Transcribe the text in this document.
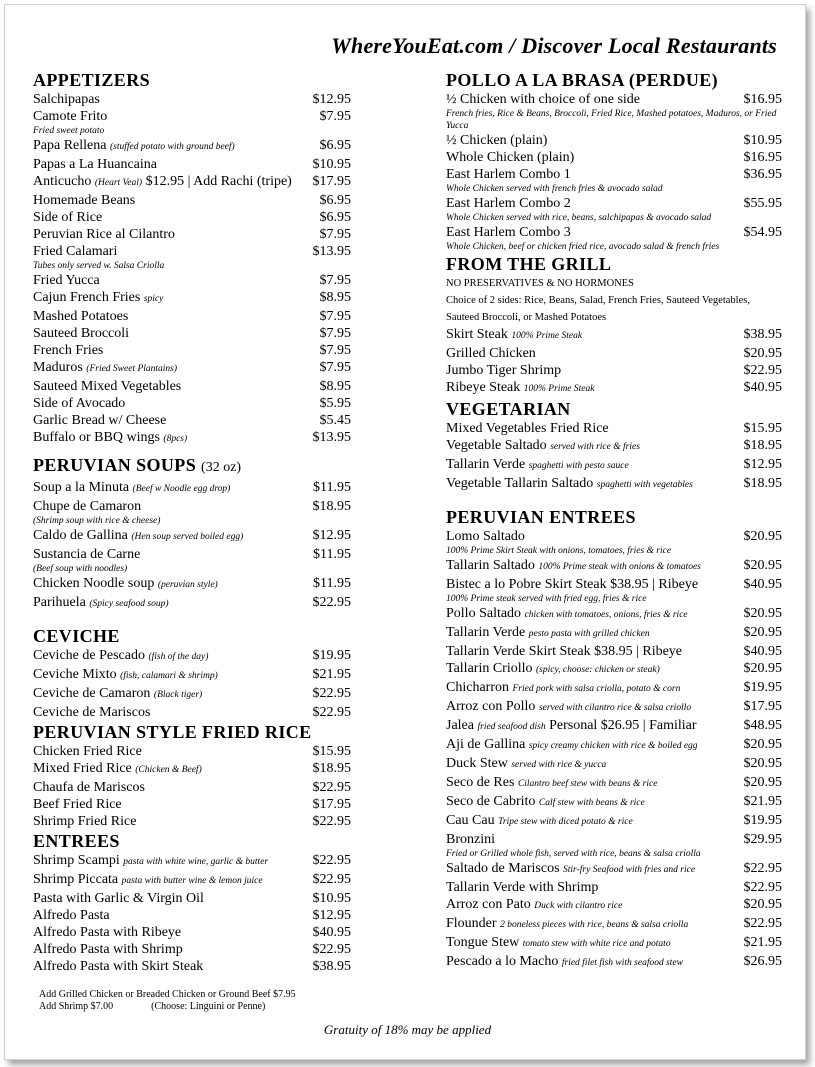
WhereYouEat.com / Discover Local Restaurants
APPETIZERS
Salchipapas	$12.95
Camote Frito	$7.95
Fried sweet potato
Papa Rellena (stuffed potato with ground beef)	$6.95
Papas a La Huancaina	$10.95
Anticucho (Heart Veal) $12.95 | Add Rachi (tripe) $17.95
Homemade Beans	$6.95
Side of Rice	$6.95
Peruvian Rice al Cilantro	$7.95
Fried Calamari	$13.95
Tubes only served w. Salsa Criolla
Fried Yucca	$7.95
Cajun French Fries spicy	$8.95
Mashed Potatoes	$7.95
Sauteed Broccoli	$7.95
French Fries	$7.95
Maduros (Fried Sweet Plantains)	$7.95
Sauteed Mixed Vegetables	$8.95
Side of Avocado	$5.95
Garlic Bread w/ Cheese	$5.45
Buffalo or BBQ wings (8pcs)	$13.95
PERUVIAN SOUPS (32 oz)
Soup a la Minuta (Beef w Noodle egg drop)	$11.95
Chupe de Camaron	$18.95
(Shrimp soup with rice & cheese)
Caldo de Gallina (Hen soup served boiled egg)	$12.95
Sustancia de Carne	$11.95
(Beef soup with noodles)
Chicken Noodle soup (peruvian style)	$11.95
Parihuela (Spicy seafood soup)	$22.95
CEVICHE
Ceviche de Pescado (fish of the day)	$19.95
Ceviche Mixto (fish, calamari & shrimp)	$21.95
Ceviche de Camaron (Black tiger)	$22.95
Ceviche de Mariscos	$22.95
PERUVIAN STYLE FRIED RICE
Chicken Fried Rice	$15.95
Mixed Fried Rice (Chicken & Beef)	$18.95
Chaufa de Mariscos	$22.95
Beef Fried Rice	$17.95
Shrimp Fried Rice	$22.95
ENTREES
Shrimp Scampi pasta with white wine, garlic & butter	$22.95
Shrimp Piccata pasta with butter wine & lemon juice	$22.95
Pasta with Garlic & Virgin Oil	$10.95
Alfredo Pasta	$12.95
Alfredo Pasta with Ribeye	$40.95
Alfredo Pasta with Shrimp	$22.95
Alfredo Pasta with Skirt Steak	$38.95
POLLO A LA BRASA (PERDUE)
½ Chicken with choice of one side	$16.95
French fries, Rice & Beans, Broccoli, Fried Rice, Mashed potatoes, Maduros, or Fried Yucca
½ Chicken (plain)	$10.95
Whole Chicken (plain)	$16.95
East Harlem Combo 1	$36.95
Whole Chicken served with french fries & avocado salad
East Harlem Combo 2	$55.95
Whole Chicken served with rice, beans, salchipapas & avocado salad
East Harlem Combo 3	$54.95
Whole Chicken, beef or chicken fried rice, avocado salad & french fries
FROM THE GRILL
NO PRESERVATIVES & NO HORMONES
Choice of 2 sides: Rice, Beans, Salad, French Fries, Sauteed Vegetables, Sauteed Broccoli, or Mashed Potatoes
Skirt Steak 100% Prime Steak	$38.95
Grilled Chicken	$20.95
Jumbo Tiger Shrimp	$22.95
Ribeye Steak 100% Prime Steak	$40.95
VEGETARIAN
Mixed Vegetables Fried Rice	$15.95
Vegetable Saltado served with rice & fries	$18.95
Tallarin Verde spaghetti with pesto sauce	$12.95
Vegetable Tallarin Saltado spaghetti with vegetables	$18.95
PERUVIAN ENTREES
Lomo Saltado	$20.95
100% Prime Skirt Steak with onions, tomatoes, fries & rice
Tallarin Saltado 100% Prime steak with onions & tomatoes	$20.95
Bistec a lo Pobre Skirt Steak $38.95 | Ribeye	$40.95
100% Prime steak served with fried egg, fries & rice
Pollo Saltado chicken with tomatoes, onions, fries & rice	$20.95
Tallarin Verde pesto pasta with grilled chicken	$20.95
Tallarin Verde Skirt Steak $38.95 | Ribeye	$40.95
Tallarin Criollo (spicy, choose: chicken or steak)	$20.95
Chicharron Fried pork with salsa criolla, potato & corn	$19.95
Arroz con Pollo served with cilantro rice & salsa criollo	$17.95
Jalea fried seafood dish Personal $26.95 | Familiar	$48.95
Aji de Gallina spicy creamy chicken with rice & boiled egg	$20.95
Duck Stew served with rice & yucca	$20.95
Seco de Res Cilantro beef stew with beans & rice	$20.95
Seco de Cabrito Calf stew with beans & rice	$21.95
Cau Cau Tripe stew with diced potato & rice	$19.95
Bronzini	$29.95
Fried or Grilled whole fish, served with rice, beans & salsa criolla
Saltado de Mariscos Stir-fry Seafood with fries and rice	$22.95
Tallarin Verde with Shrimp	$22.95
Arroz con Pato Duck with cilantro rice	$20.95
Flounder 2 boneless pieces with rice, beans & salsa criolla	$22.95
Tongue Stew tomato stew with white rice and potato	$21.95
Pescado a lo Macho fried filet fish with seafood stew	$26.95
Add Grilled Chicken or Breaded Chicken or Ground Beef $7.95
Add Shrimp $7.00	(Choose: Linguini or Penne)
Gratuity of 18% may be applied
